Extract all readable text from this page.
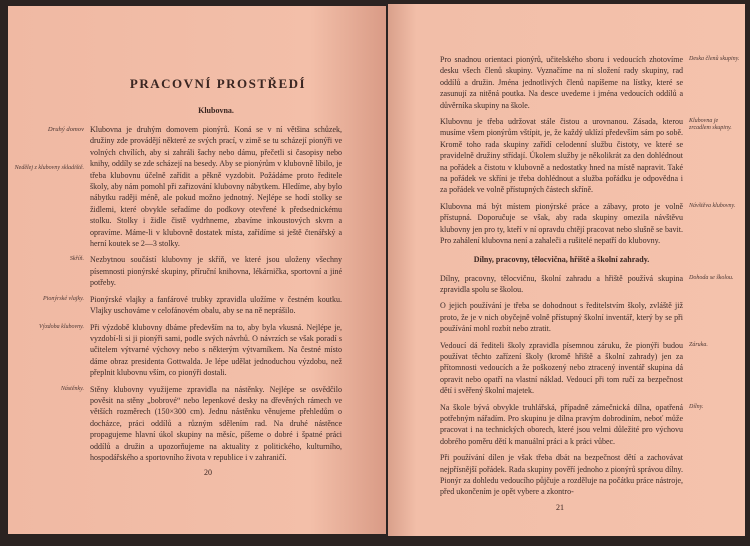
PRACOVNÍ PROSTŘEDÍ
Klubovna.
Druhý domov
Nedělej z klubovny skladiště.
Klubovna je druhým domovem pionýrů. Koná se v ní většina schůzek, družiny zde provádějí některé ze svých prací, v zimě se tu scházejí pionýři ve volných chvílích, aby si zahráli šachy nebo dámu, přečetli si časopisy nebo knihy, oddíly se zde scházejí na besedy. Aby se pionýrům v klubovně líbilo, je třeba klubovnu účelně zařídit a pěkně vyzdobit. Požádáme proto ředitele školy, aby nám pomohl při zařizování klubovny nábytkem. Hledíme, aby bylo nábytku raději méně, ale pokud možno jednotný. Nejlépe se hodí stolky se židlemi, které obvykle seřadíme do podkovy otevřené k předsednickému stolku. Stolky i židle čistě vydrhneme, zbavíme inkoustových skvrn a opravíme. Máme-li v klubovně dostatek místa, zařídíme si ještě čtenářský a herní koutek se 2—3 stolky.
Skříň. Nezbytnou součástí klubovny je skříň, ve které jsou uloženy všechny písemnosti pionýrské skupiny, příruční knihovna, lékárnička, sportovní a jiné potřeby.
Pionýrské vlajky. Pionýrské vlajky a fanfárové trubky zpravidla uložíme v čestném koutku. Vlajky uschováme v celofánovém obalu, aby se na ně neprášilo.
Výzdoba klubovny. Při výzdobě klubovny dbáme především na to, aby byla vkusná. Nejlépe je, vyzdobí-li si ji pionýři sami, podle svých návrhů. O návrzích se však poradí s učitelem výtvarné výchovy nebo s některým výtvarníkem. Na čestné místo dáme obraz presidenta Gottwalda. Je lépe udělat jednoduchou výzdobu, než přeplnit klubovnu vším, co pionýři dostali.
Nástěnky. Stěny klubovny využijeme zpravidla na nástěnky. Nejlépe se osvědčilo pověsit na stěny „bobrové“ nebo lepenkové desky na dřevěných rámech ve větších rozměrech (150×300 cm). Jednu nástěnku věnujeme přehledům o docházce, práci oddílů a různým sdělením rad. Na druhé nástěnce propagujeme hlavní úkol skupiny na měsíc, píšeme o dobré i špatné práci oddílů a družin a upozorňujeme na aktuality z politického, kulturního, hospodářského a sportovního života v republice i v zahraničí.
20
Pro snadnou orientaci pionýrů, učitelského sboru i vedoucích zhotovíme desku všech členů skupiny. Vyznačíme na ní složení rady skupiny, rad oddílů a družin. Jména jednotlivých členů napíšeme na lístky, které se zasunují za nitěná poutka. Na desce uvedeme i jména vedoucích oddílů a důvěrníka skupiny na škole.
Deska členů skupiny.
Klubovnu je třeba udržovat stále čistou a urovnanou. Zásada, kterou musíme všem pionýrům vštípit, je, že každý uklízí především sám po sobě. Kromě toho rada skupiny zařídí celodenní službu čistoty, ve které se pravidelně družiny střídají. Úkolem služby je několikrát za den dohlédnout na pořádek a čistotu v klubovně a nedostatky hned na místě napravit. Také na pořádek ve skříni je třeba dohlédnout a služba pořádku je odpovědna i za pořádek ve volně přístupných částech skříně.
Klubovna je zrcadlem skupiny.
Klubovna má být místem pionýrské práce a zábavy, proto je volně přístupná. Doporučuje se však, aby rada skupiny omezila návštěvu klubovny jen pro ty, kteří v ní opravdu chtějí pracovat nebo slušně se bavit. Pro zahálení klubovna není a zahaleči a rušitelé nepatří do klubovny.
Návštěva klubovny.
Dílny, pracovny, tělocvična, hřiště a školní zahrady.
Dílny, pracovny, tělocvičnu, školní zahradu a hřiště používá skupina zpravidla spolu se školou.
Dohoda se školou.
O jejich používání je třeba se dohodnout s ředitelstvím školy, zvláště již proto, že je v nich obyčejně volně přístupný školní inventář, který by se při používání mohl rozbít nebo ztratit.
Vedoucí dá řediteli školy zpravidla písemnou záruku, že pionýři budou používat těchto zařízení školy (kromě hřiště a školní zahrady) jen za přítomnosti vedoucích a že poškozený nebo ztracený inventář skupina dá opravit nebo opatří na vlastní náklad. Vedoucí při tom ručí za bezpečnost dětí i svěřený školní majetek.
Záruka.
Na škole bývá obvykle truhlářská, případně zámečnická dílna, opatřená potřebným nářadím. Pro skupinu je dílna pravým dobrodiním, neboť může pracovat i na technických oborech, které jsou velmi důležité pro výchovu dobrého poměru dětí k manuální práci a k práci vůbec.
Dílny.
Při používání dílen je však třeba dbát na bezpečnost dětí a zachovávat nejpřísnější pořádek. Rada skupiny pověří jednoho z pionýrů správou dílny. Pionýr za dohledu vedoucího půjčuje a rozděluje na počátku práce nástroje, před ukončením je opět vybere a zkontro-
21
